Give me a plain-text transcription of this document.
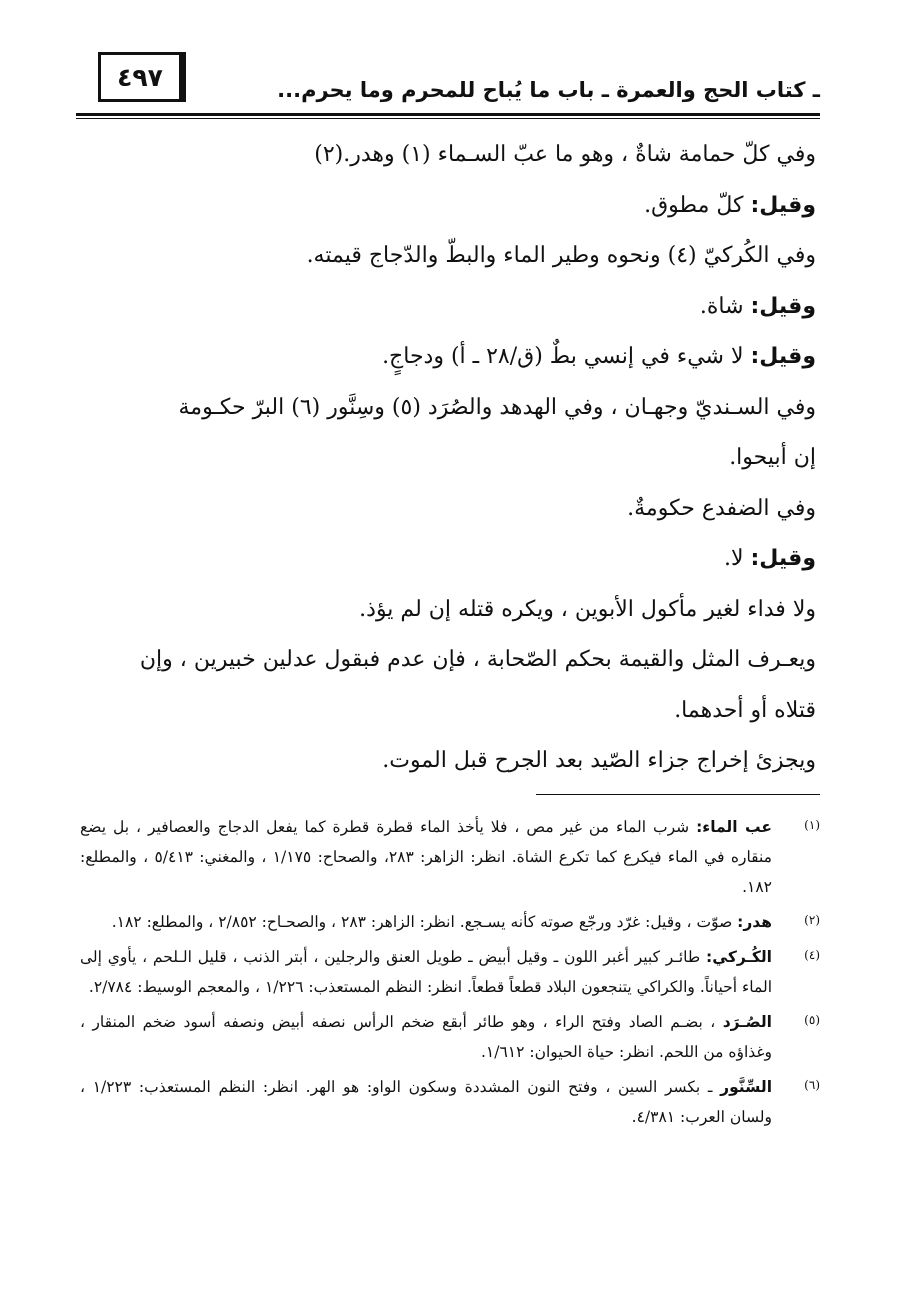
٤٩٧	ـ كتاب الحج والعمرة ـ باب ما يُباح للمحرم وما يحرم...

وفي كلّ حمامة شاةٌ ، وهو ما عبّ السـماء (١) وهدر.(٢)

وقيل: كلّ مطوق.

وفي الكُركيّ (٤) ونحوه وطير الماء والبطّ والدّجاج قيمته.

وقيل: شاة.

وقيل: لا شيء في إنسي بطٌ (ق/٢٨ ـ أ) ودجاجٍ.

وفي السـنديّ وجهـان ، وفي الهدهد والصُرَد (٥) وسِنَّور (٦) البرّ حكـومة

إن أبيحوا.

وفي الضفدع حكومةٌ.

وقيل: لا.

ولا فداء لغير مأكول الأبوين ، ويكره قتله إن لم يؤذ.

ويعـرف المثل والقيمة بحكم الصّحابة ، فإن عدم فبقول عدلين خبيرين ، وإن

قتلاه أو أحدهما.

ويجزئ إخراج جزاء الصّيد بعد الجرح قبل الموت.

(١)
عب الماء: شرب الماء من غير مص ، فلا يأخذ الماء قطرة قطرة كما يفعل الدجاج والعصافير ، بل يضع منقاره في الماء فيكرع كما تكرع الشاة. انظر: الزاهر: ٢٨٣، والصحاح: ١/١٧٥ ، والمغني: ٥/٤١٣ ، والمطلع: ١٨٢.
(٢)
هدر: صوّت ، وقيل: غرّد ورجّع صوته كأنه يسـجع. انظر: الزاهر: ٢٨٣ ، والصحـاح: ٢/٨٥٢ ، والمطلع: ١٨٢.
(٤)
الكُـركي: طائـر كبير أغبر اللون ـ وقيل أبيض ـ طويل العنق والرجلين ، أبتر الذنب ، قليل الـلحم ، يأوي إلى الماء أحياناً. والكراكي يتنجعون البلاد قطعاً قطعاً. انظر: النظم المستعذب: ١/٢٢٦ ، والمعجم الوسيط: ٢/٧٨٤.
(٥)
الصُـرَد ، بضـم الصاد وفتح الراء ، وهو طائر أبقع ضخم الرأس نصفه أبيض ونصفه أسود ضخم المنقار ، وغذاؤه من اللحم. انظر: حياة الحيوان: ١/٦١٢.
(٦)
السِّنَّور ـ بكسر السين ، وفتح النون المشددة وسكون الواو: هو الهر. انظر: النظم المستعذب: ١/٢٢٣ ، ولسان العرب: ٤/٣٨١.
